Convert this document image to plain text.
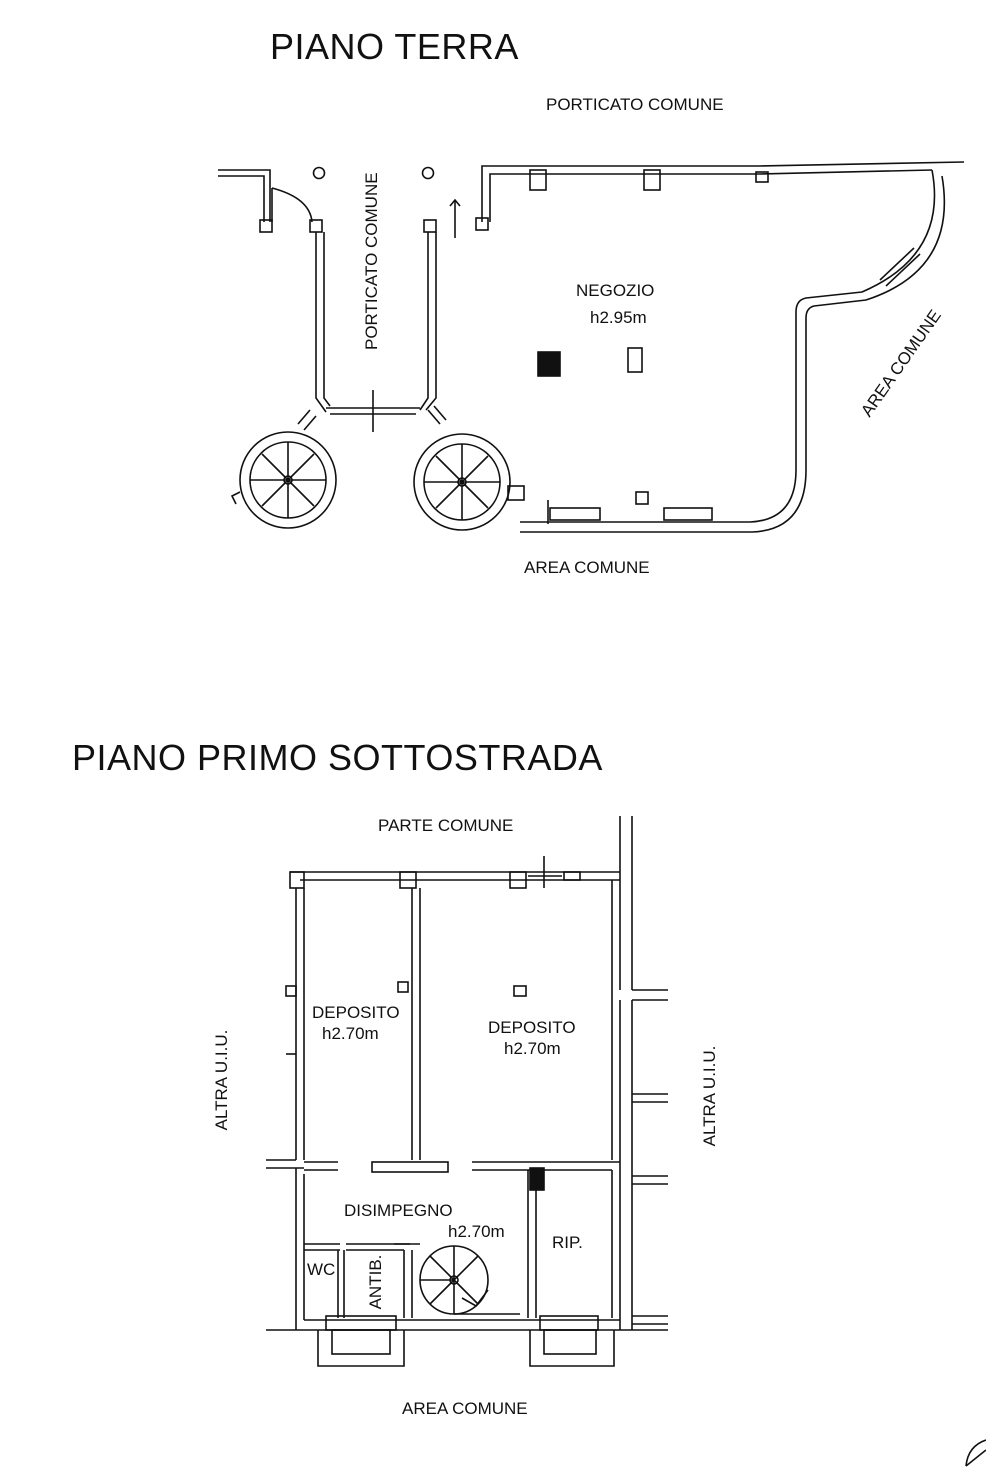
PIANO TERRA
PORTICATO COMUNE
PORTICATO COMUNE	NEGOZIO
h2.95m	AREA COMUNE
AREA COMUNE
PIANO PRIMO SOTTOSTRADA
PARTE COMUNE
DEPOSITO
h2.70m	DEPOSITO
h2.70m
ALTRA U.I.U.	ALTRA U.I.U.
DISIMPEGNO
h2.70m
RIP.
WC ANTIB.
AREA COMUNE
